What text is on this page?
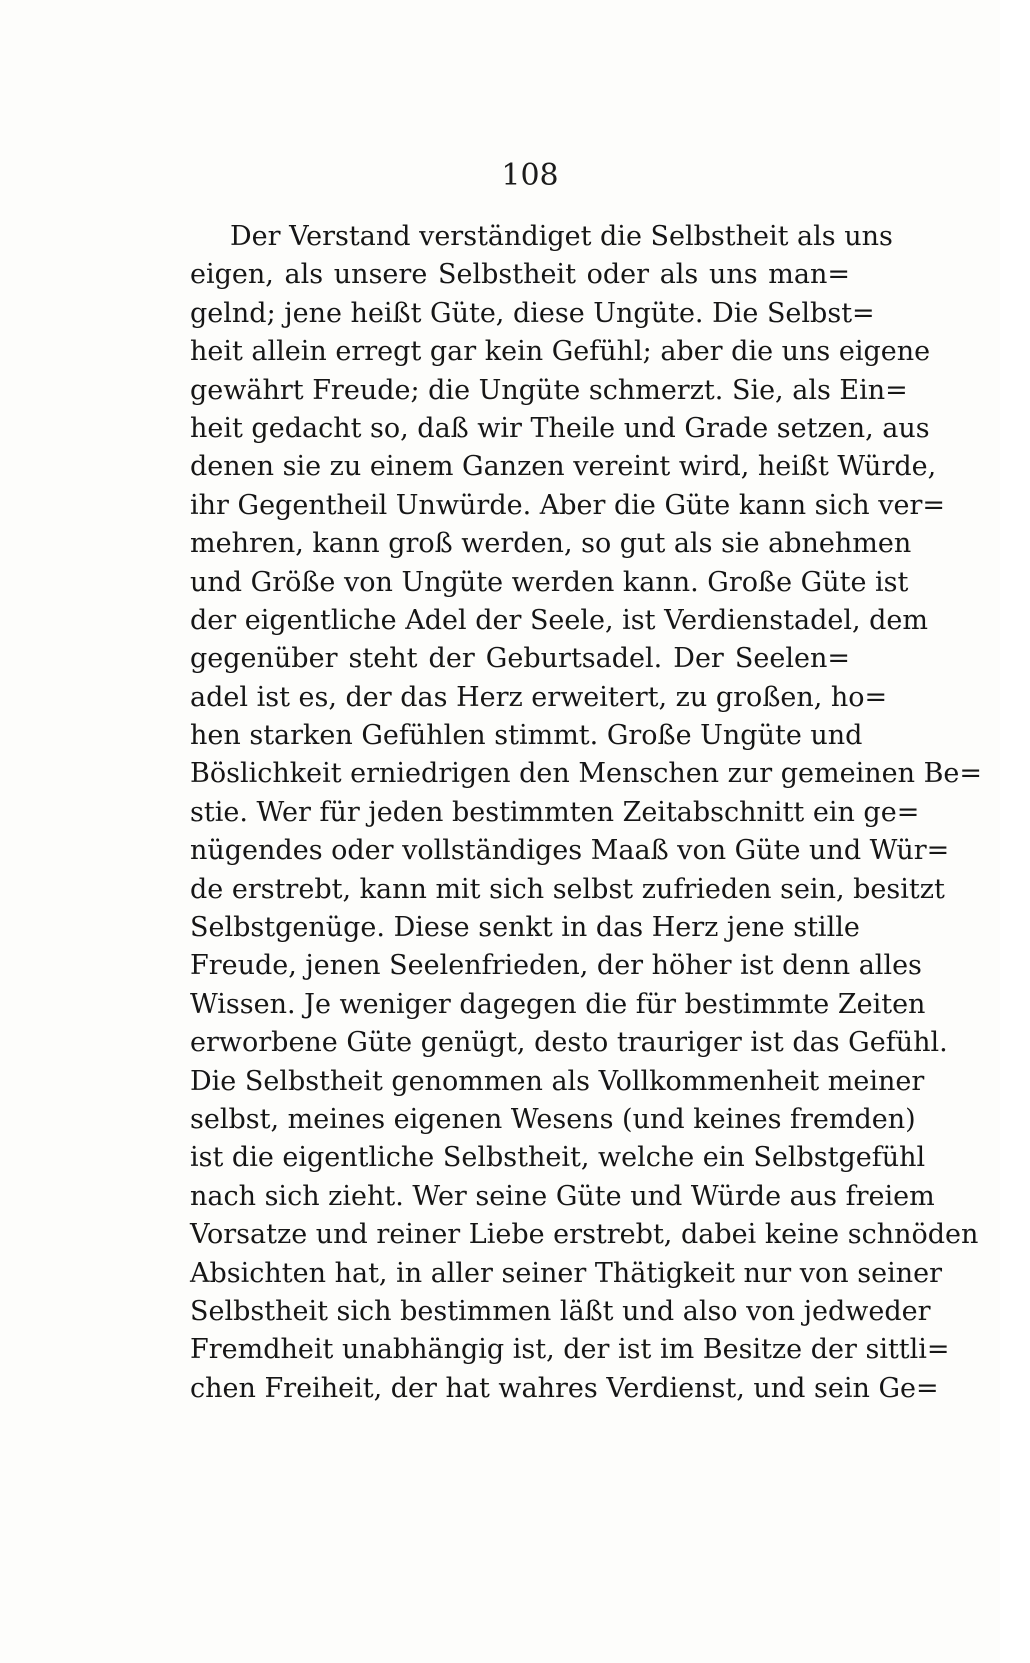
108
Der Verstand verständiget die Selbstheit als uns
eigen, als unsere Selbstheit oder als uns man=
gelnd; jene heißt Güte, diese Ungüte. Die Selbst=
heit allein erregt gar kein Gefühl; aber die uns eigene
gewährt Freude; die Ungüte schmerzt. Sie, als Ein=
heit gedacht so, daß wir Theile und Grade setzen, aus
denen sie zu einem Ganzen vereint wird, heißt Würde,
ihr Gegentheil Unwürde. Aber die Güte kann sich ver=
mehren, kann groß werden, so gut als sie abnehmen
und Größe von Ungüte werden kann. Große Güte ist
der eigentliche Adel der Seele, ist Verdienstadel, dem
gegenüber steht der Geburtsadel. Der Seelen=
adel ist es, der das Herz erweitert, zu großen, ho=
hen starken Gefühlen stimmt. Große Ungüte und
Böslichkeit erniedrigen den Menschen zur gemeinen Be=
stie. Wer für jeden bestimmten Zeitabschnitt ein ge=
nügendes oder vollständiges Maaß von Güte und Wür=
de erstrebt, kann mit sich selbst zufrieden sein, besitzt
Selbstgenüge. Diese senkt in das Herz jene stille
Freude, jenen Seelenfrieden, der höher ist denn alles
Wissen. Je weniger dagegen die für bestimmte Zeiten
erworbene Güte genügt, desto trauriger ist das Gefühl.
Die Selbstheit genommen als Vollkommenheit meiner
selbst, meines eigenen Wesens (und keines fremden)
ist die eigentliche Selbstheit, welche ein Selbstgefühl
nach sich zieht. Wer seine Güte und Würde aus freiem
Vorsatze und reiner Liebe erstrebt, dabei keine schnöden
Absichten hat, in aller seiner Thätigkeit nur von seiner
Selbstheit sich bestimmen läßt und also von jedweder
Fremdheit unabhängig ist, der ist im Besitze der sittli=
chen Freiheit, der hat wahres Verdienst, und sein Ge=
